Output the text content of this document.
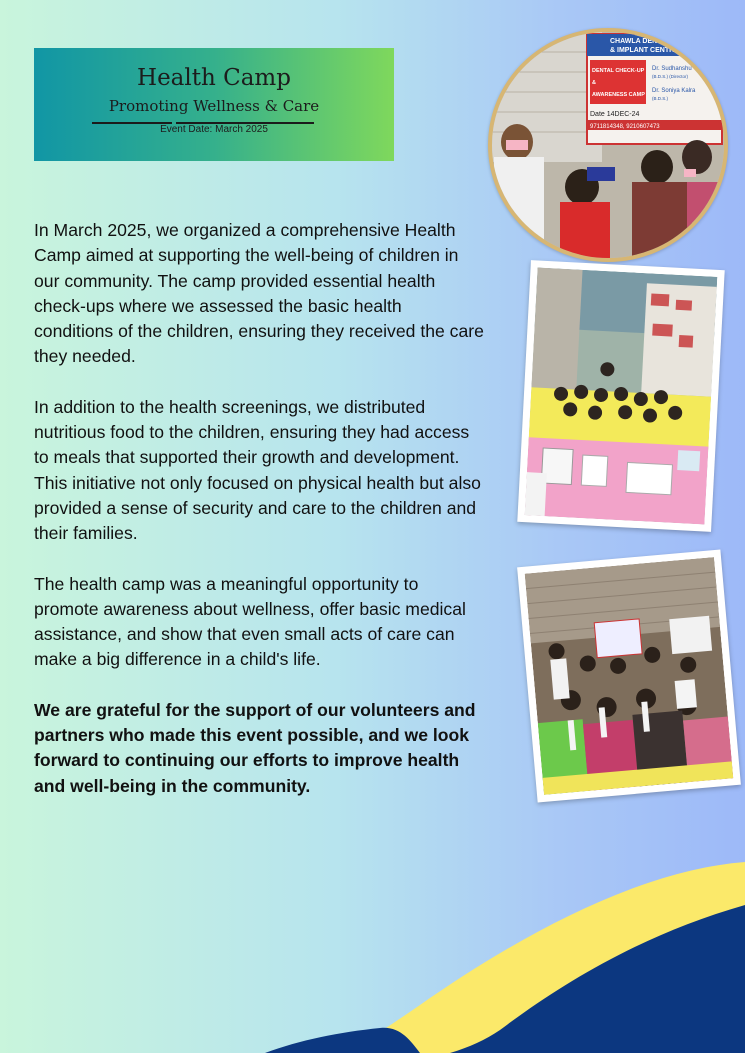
Health Camp
Promoting Wellness & Care
Event Date: March 2025

In March 2025, we organized a comprehensive Health Camp aimed at supporting the well-being of children in our community. The camp provided essential health check-ups where we assessed the basic health conditions of the children, ensuring they received the care they needed.

In addition to the health screenings, we distributed nutritious food to the children, ensuring they had access to meals that supported their growth and development. This initiative not only focused on physical health but also provided a sense of security and care to the children and their families.

The health camp was a meaningful opportunity to promote awareness about wellness, offer basic medical assistance, and show that even small acts of care can make a big difference in a child's life.

We are grateful for the support of our volunteers and partners who made this event possible, and we look forward to continuing our efforts to improve health and well-being in the community.

CHAWLA DENTAL
& IMPLANT CENTRE
DENTAL CHECK-UP
&
AWARENESS CAMP
Dr. Sudhanshu
(B.D.S.) (Director)
Dr. Soniya Kalra
(B.D.S.)
Date 14DEC-24
9711814348, 9210607473
